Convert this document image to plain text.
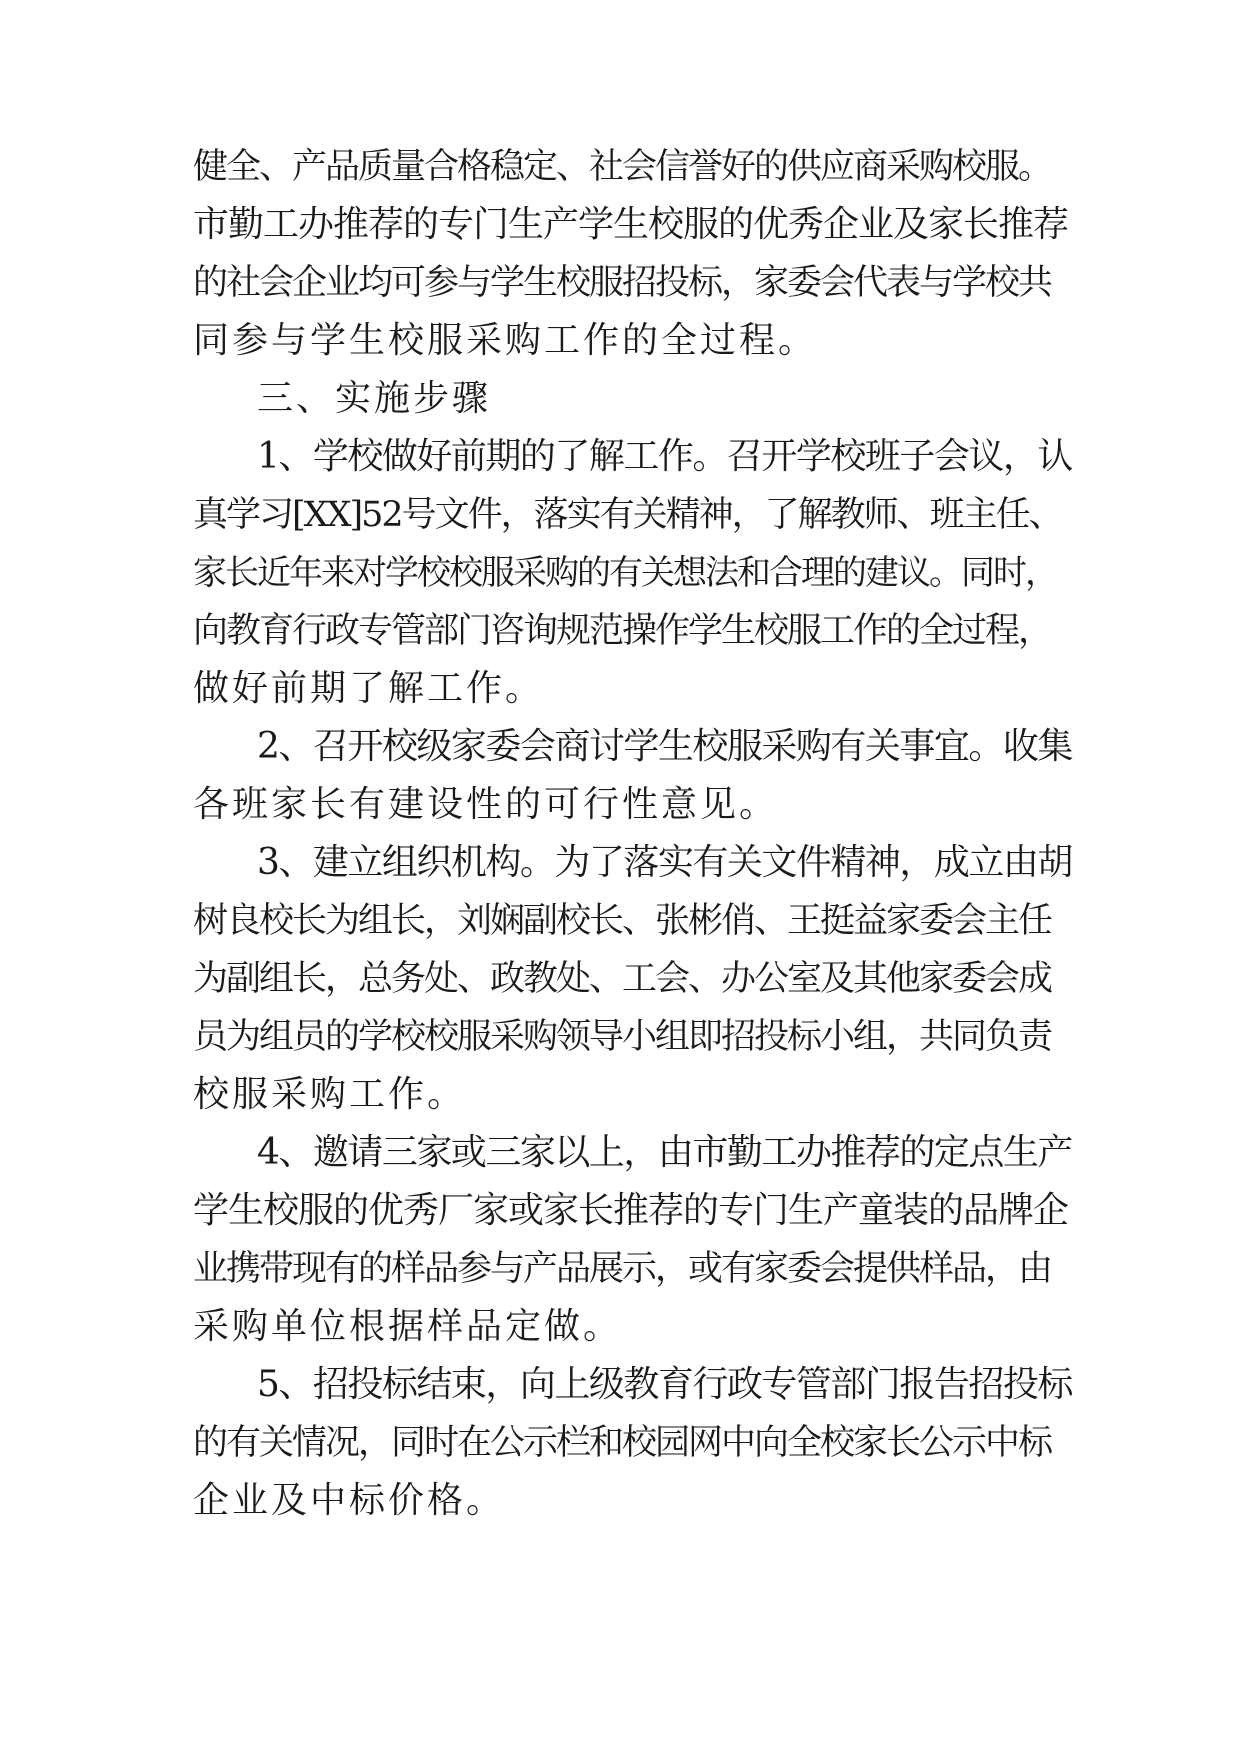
健全、产品质量合格稳定、社会信誉好的供应商采购校服。
市勤工办推荐的专门生产学生校服的优秀企业及家长推荐
的社会企业均可参与学生校服招投标，家委会代表与学校共
同参与学生校服采购工作的全过程。
三、实施步骤
1、学校做好前期的了解工作。召开学校班子会议，认
真学习[XX]52号文件，落实有关精神，了解教师、班主任、
家长近年来对学校校服采购的有关想法和合理的建议。同时，
向教育行政专管部门咨询规范操作学生校服工作的全过程，
做好前期了解工作。
2、召开校级家委会商讨学生校服采购有关事宜。收集
各班家长有建设性的可行性意见。
3、建立组织机构。为了落实有关文件精神，成立由胡
树良校长为组长，刘娴副校长、张彬俏、王挺益家委会主任
为副组长，总务处、政教处、工会、办公室及其他家委会成
员为组员的学校校服采购领导小组即招投标小组，共同负责
校服采购工作。
4、邀请三家或三家以上，由市勤工办推荐的定点生产
学生校服的优秀厂家或家长推荐的专门生产童装的品牌企
业携带现有的样品参与产品展示，或有家委会提供样品，由
采购单位根据样品定做。
5、招投标结束，向上级教育行政专管部门报告招投标
的有关情况，同时在公示栏和校园网中向全校家长公示中标
企业及中标价格。
